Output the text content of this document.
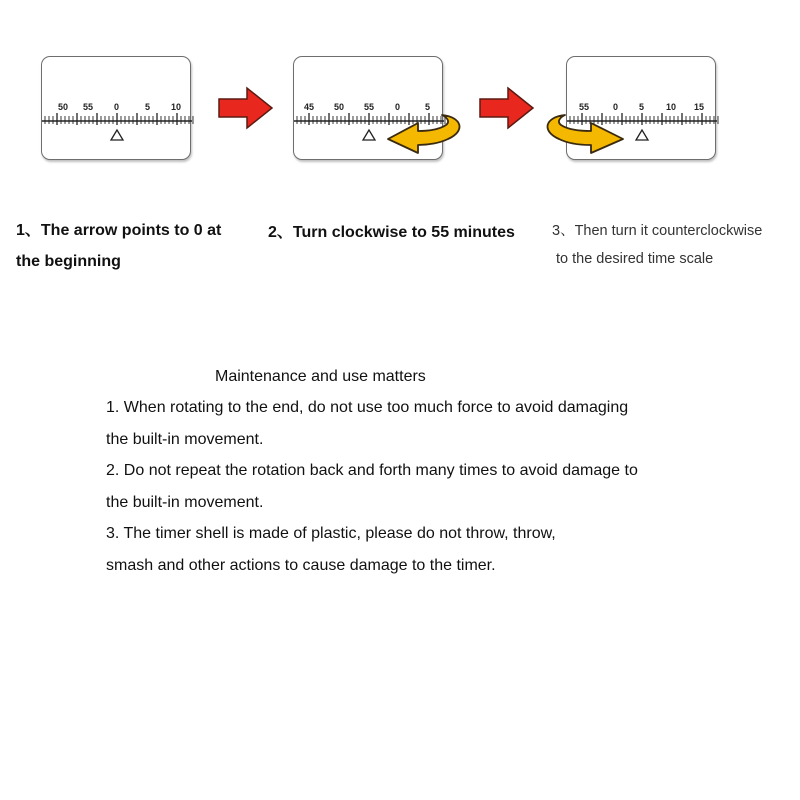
50 55 0	5 10	45 50 55 0	5	55	0 5 10 15
1、The arrow points to 0 at
the beginning
2、Turn clockwise to 55 minutes	3、Then turn it counterclockwise
to the desired time scale
Maintenance and use matters
1. When rotating to the end, do not use too much force to avoid damaging
the built-in movement.
2. Do not repeat the rotation back and forth many times to avoid damage to
the built-in movement.
3. The timer shell is made of plastic, please do not throw, throw,
smash and other actions to cause damage to the timer.
